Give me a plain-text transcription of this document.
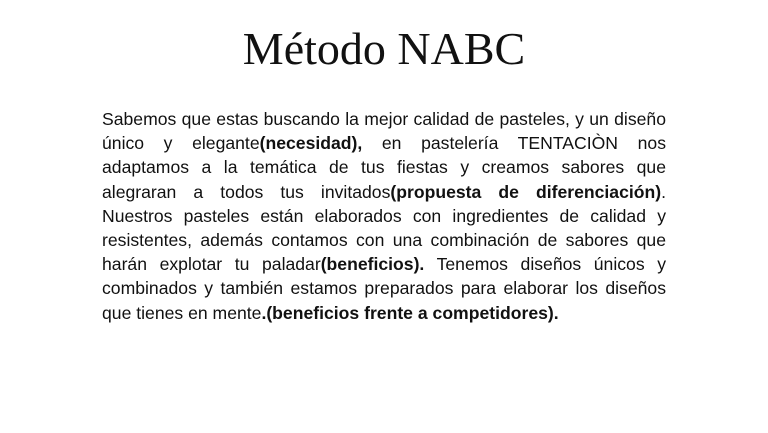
Método NABC

Sabemos que estas buscando la mejor calidad de pasteles, y un diseño único y elegante(necesidad), en pastelería TENTACIÒN nos adaptamos a la temática de tus fiestas y creamos sabores que alegraran a todos tus invitados(propuesta de diferenciación). Nuestros pasteles están elaborados con ingredientes de calidad y resistentes, además contamos con una combinación de sabores que harán explotar tu paladar(beneficios). Tenemos diseños únicos y combinados y también estamos preparados para elaborar los diseños que tienes en mente.(beneficios frente a competidores).
